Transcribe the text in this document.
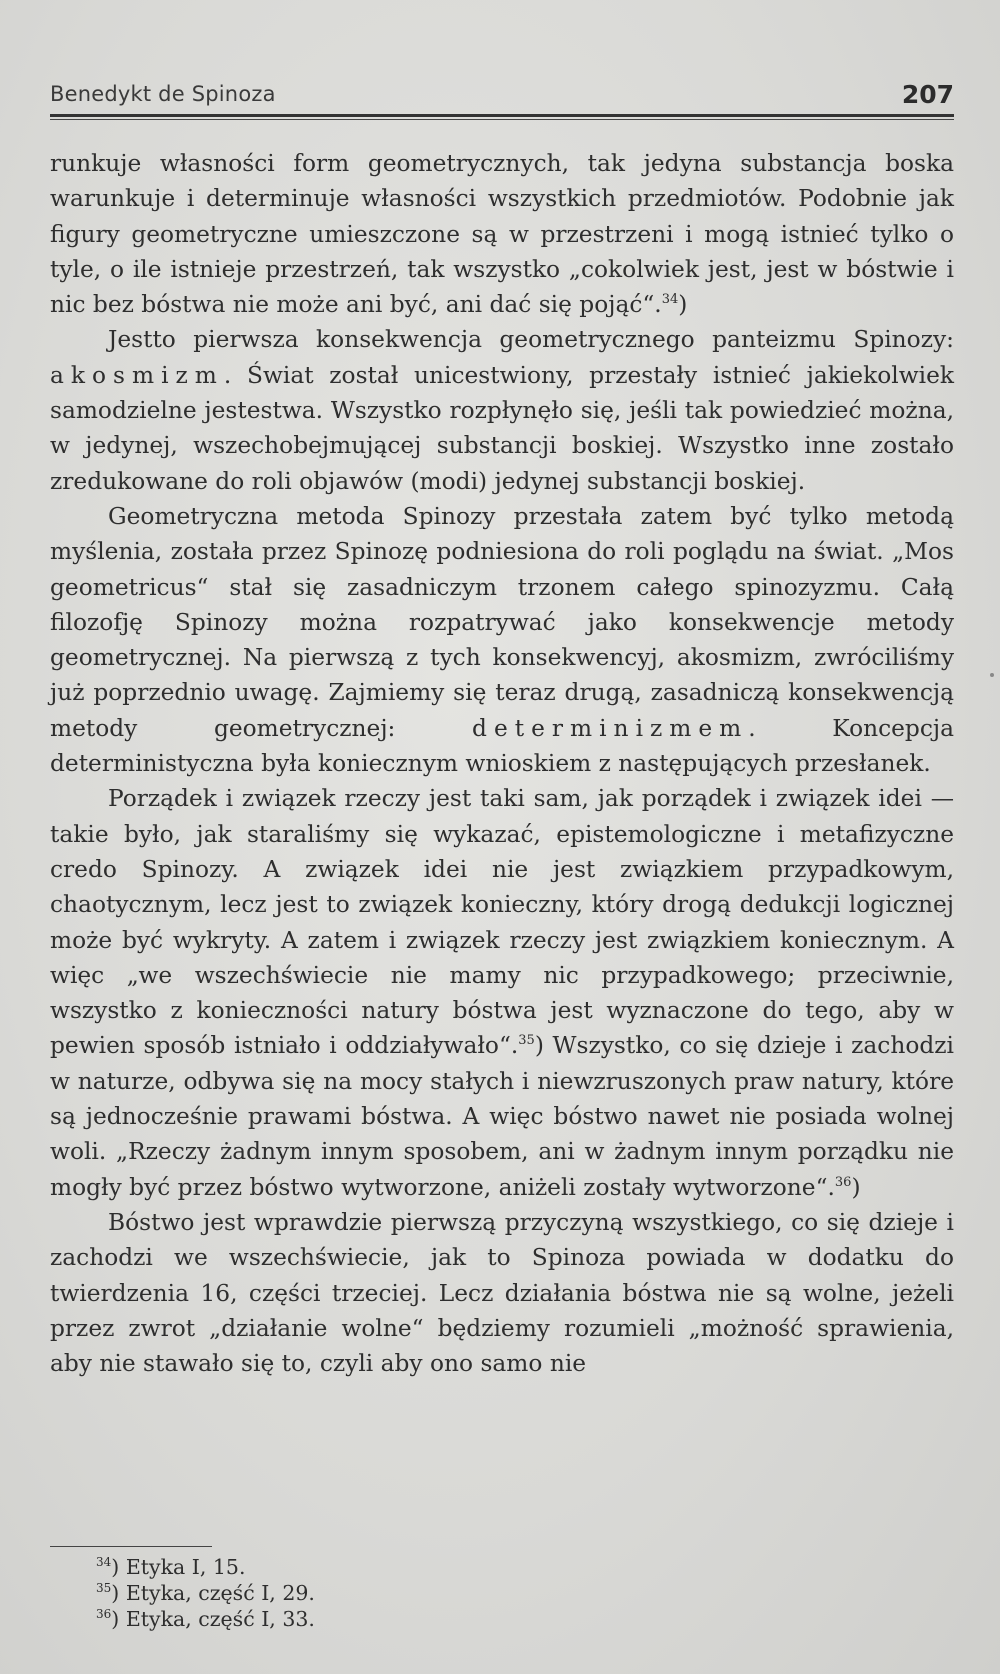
Benedykt de Spinoza	207

runkuje własności form geometrycznych, tak jedyna substancja boska warunkuje i determinuje własności wszystkich przedmiotów. Podobnie jak figury geometryczne umieszczone są w przestrzeni i mogą istnieć tylko o tyle, o ile istnieje przestrzeń, tak wszystko „cokolwiek jest, jest w bóstwie i nic bez bóstwa nie może ani być, ani dać się pojąć“.$^{34}$)

Jestto pierwsza konsekwencja geometrycznego panteizmu Spinozy: akosmizm. Świat został unicestwiony, przestały istnieć jakiekolwiek samodzielne jestestwa. Wszystko rozpłynęło się, jeśli tak powiedzieć można, w jedynej, wszechobejmującej substancji boskiej. Wszystko inne zostało zredukowane do roli objawów (modi) jedynej substancji boskiej.

Geometryczna metoda Spinozy przestała zatem być tylko metodą myślenia, została przez Spinozę podniesiona do roli poglądu na świat. „Mos geometricus“ stał się zasadniczym trzonem całego spinozyzmu. Całą filozofję Spinozy można rozpatrywać jako konsekwencje metody geometrycznej. Na pierwszą z tych konsekwencyj, akosmizm, zwróciliśmy już poprzednio uwagę. Zajmiemy się teraz drugą, zasadniczą konsekwencją metody geometrycznej: determinizmem. Koncepcja deterministyczna była koniecznym wnioskiem z następujących przesłanek.

Porządek i związek rzeczy jest taki sam, jak porządek i związek idei — takie było, jak staraliśmy się wykazać, epistemologiczne i metafizyczne credo Spinozy. A związek idei nie jest związkiem przypadkowym, chaotycznym, lecz jest to związek konieczny, który drogą dedukcji logicznej może być wykryty. A zatem i związek rzeczy jest związkiem koniecznym. A więc „we wszechświecie nie mamy nic przypadkowego; przeciwnie, wszystko z konieczności natury bóstwa jest wyznaczone do tego, aby w pewien sposób istniało i oddziaływało“.$^{35}$) Wszystko, co się dzieje i zachodzi w naturze, odbywa się na mocy stałych i niewzruszonych praw natury, które są jednocześnie prawami bóstwa. A więc bóstwo nawet nie posiada wolnej woli. „Rzeczy żadnym innym sposobem, ani w żadnym innym porządku nie mogły być przez bóstwo wytworzone, aniżeli zostały wytworzone“.$^{36}$)

Bóstwo jest wprawdzie pierwszą przyczyną wszystkiego, co się dzieje i zachodzi we wszechświecie, jak to Spinoza powiada w dodatku do twierdzenia 16, części trzeciej. Lecz działania bóstwa nie są wolne, jeżeli przez zwrot „działanie wolne“ będziemy rozumieli „możność sprawienia, aby nie stawało się to, czyli aby ono samo nie

$^{34}$) Etyka I, 15.
$^{35}$) Etyka, część I, 29.
$^{36}$) Etyka, część I, 33.
